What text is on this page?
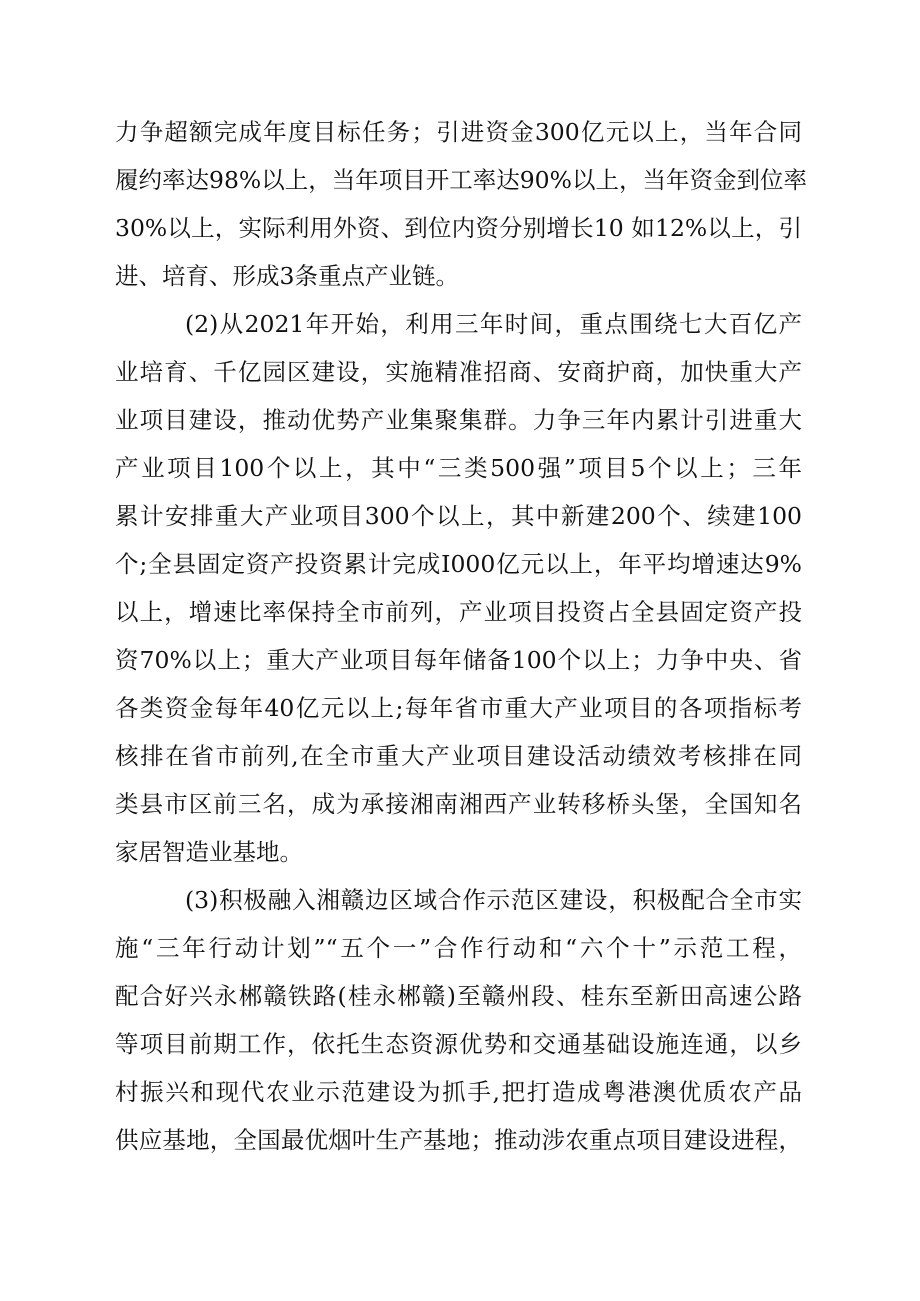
力争超额完成年度目标任务；引进资金300亿元以上，当年合同
履约率达98%以上，当年项目开工率达90%以上，当年资金到位率
30%以上，实际利用外资、到位内资分别增长10 如12%以上，引
进、培育、形成3条重点产业链。
(2)从2021年开始，利用三年时间，重点围绕七大百亿产
业培育、千亿园区建设，实施精准招商、安商护商，加快重大产
业项目建设，推动优势产业集聚集群。力争三年内累计引进重大
产业项目100个以上，其中“三类500强”项目5个以上；三年
累计安排重大产业项目300个以上，其中新建200个、续建100
个;全县固定资产投资累计完成I000亿元以上，年平均增速达9%
以上，增速比率保持全市前列，产业项目投资占全县固定资产投
资70%以上；重大产业项目每年储备100个以上；力争中央、省
各类资金每年40亿元以上;每年省市重大产业项目的各项指标考
核排在省市前列,在全市重大产业项目建设活动绩效考核排在同
类县市区前三名，成为承接湘南湘西产业转移桥头堡，全国知名
家居智造业基地。
(3)积极融入湘赣边区域合作示范区建设，积极配合全市实
施“三年行动计划”“五个一”合作行动和“六个十”示范工程，
配合好兴永郴赣铁路(桂永郴赣)至赣州段、桂东至新田高速公路
等项目前期工作，依托生态资源优势和交通基础设施连通，以乡
村振兴和现代农业示范建设为抓手,把打造成粤港澳优质农产品
供应基地，全国最优烟叶生产基地；推动涉农重点项目建设进程，
